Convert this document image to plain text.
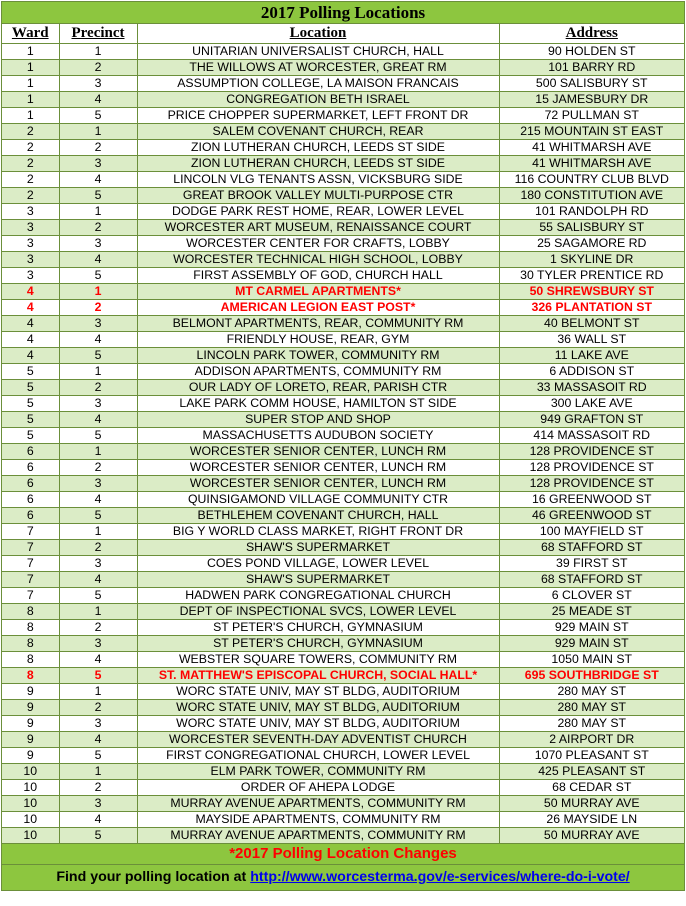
2017 Polling Locations
Ward	Precinct	Location	Address
1	1	UNITARIAN UNIVERSALIST CHURCH, HALL	90 HOLDEN ST
1	2	THE WILLOWS AT WORCESTER, GREAT RM	101 BARRY RD
1	3	ASSUMPTION COLLEGE, LA MAISON FRANCAIS	500 SALISBURY ST
1	4	CONGREGATION BETH ISRAEL	15 JAMESBURY DR
1	5	PRICE CHOPPER SUPERMARKET, LEFT FRONT DR	72 PULLMAN ST
2	1	SALEM COVENANT CHURCH, REAR	215 MOUNTAIN ST EAST
2	2	ZION LUTHERAN CHURCH, LEEDS ST SIDE	41 WHITMARSH AVE
2	3	ZION LUTHERAN CHURCH, LEEDS ST SIDE	41 WHITMARSH AVE
2	4	LINCOLN VLG TENANTS ASSN, VICKSBURG SIDE	116 COUNTRY CLUB BLVD
2	5	GREAT BROOK VALLEY MULTI-PURPOSE CTR	180 CONSTITUTION AVE
3	1	DODGE PARK REST HOME, REAR, LOWER LEVEL	101 RANDOLPH RD
3	2	WORCESTER ART MUSEUM, RENAISSANCE COURT	55 SALISBURY ST
3	3	WORCESTER CENTER FOR CRAFTS, LOBBY	25 SAGAMORE RD
3	4	WORCESTER TECHNICAL HIGH SCHOOL, LOBBY	1 SKYLINE DR
3	5	FIRST ASSEMBLY OF GOD, CHURCH HALL	30 TYLER PRENTICE RD
4	1	MT CARMEL APARTMENTS*	50 SHREWSBURY ST
4	2	AMERICAN LEGION EAST POST*	326 PLANTATION ST
4	3	BELMONT APARTMENTS, REAR, COMMUNITY RM	40 BELMONT ST
4	4	FRIENDLY HOUSE, REAR, GYM	36 WALL ST
4	5	LINCOLN PARK TOWER, COMMUNITY RM	11 LAKE AVE
5	1	ADDISON APARTMENTS, COMMUNITY RM	6 ADDISON ST
5	2	OUR LADY OF LORETO, REAR, PARISH CTR	33 MASSASOIT RD
5	3	LAKE PARK COMM HOUSE, HAMILTON ST SIDE	300 LAKE AVE
5	4	SUPER STOP AND SHOP	949 GRAFTON ST
5	5	MASSACHUSETTS AUDUBON SOCIETY	414 MASSASOIT RD
6	1	WORCESTER SENIOR CENTER, LUNCH RM	128 PROVIDENCE ST
6	2	WORCESTER SENIOR CENTER, LUNCH RM	128 PROVIDENCE ST
6	3	WORCESTER SENIOR CENTER, LUNCH RM	128 PROVIDENCE ST
6	4	QUINSIGAMOND VILLAGE COMMUNITY CTR	16 GREENWOOD ST
6	5	BETHLEHEM COVENANT CHURCH, HALL	46 GREENWOOD ST
7	1	BIG Y WORLD CLASS MARKET, RIGHT FRONT DR	100 MAYFIELD ST
7	2	SHAW'S SUPERMARKET	68 STAFFORD ST
7	3	COES POND VILLAGE, LOWER LEVEL	39 FIRST ST
7	4	SHAW'S SUPERMARKET	68 STAFFORD ST
7	5	HADWEN PARK CONGREGATIONAL CHURCH	6 CLOVER ST
8	1	DEPT OF INSPECTIONAL SVCS, LOWER LEVEL	25 MEADE ST
8	2	ST PETER'S CHURCH, GYMNASIUM	929 MAIN ST
8	3	ST PETER'S CHURCH, GYMNASIUM	929 MAIN ST
8	4	WEBSTER SQUARE TOWERS, COMMUNITY RM	1050 MAIN ST
8	5	ST. MATTHEW'S EPISCOPAL CHURCH, SOCIAL HALL*	695 SOUTHBRIDGE ST
9	1	WORC STATE UNIV, MAY ST BLDG, AUDITORIUM	280 MAY ST
9	2	WORC STATE UNIV, MAY ST BLDG, AUDITORIUM	280 MAY ST
9	3	WORC STATE UNIV, MAY ST BLDG, AUDITORIUM	280 MAY ST
9	4	WORCESTER SEVENTH-DAY ADVENTIST CHURCH	2 AIRPORT DR
9	5	FIRST CONGREGATIONAL CHURCH, LOWER LEVEL	1070 PLEASANT ST
10	1	ELM PARK TOWER, COMMUNITY RM	425 PLEASANT ST
10	2	ORDER OF AHEPA LODGE	68 CEDAR ST
10	3	MURRAY AVENUE APARTMENTS, COMMUNITY RM	50 MURRAY AVE
10	4	MAYSIDE APARTMENTS, COMMUNITY RM	26 MAYSIDE LN
10	5	MURRAY AVENUE APARTMENTS, COMMUNITY RM	50 MURRAY AVE
*2017 Polling Location Changes
Find your polling location at http://www.worcesterma.gov/e-services/where-do-i-vote/
